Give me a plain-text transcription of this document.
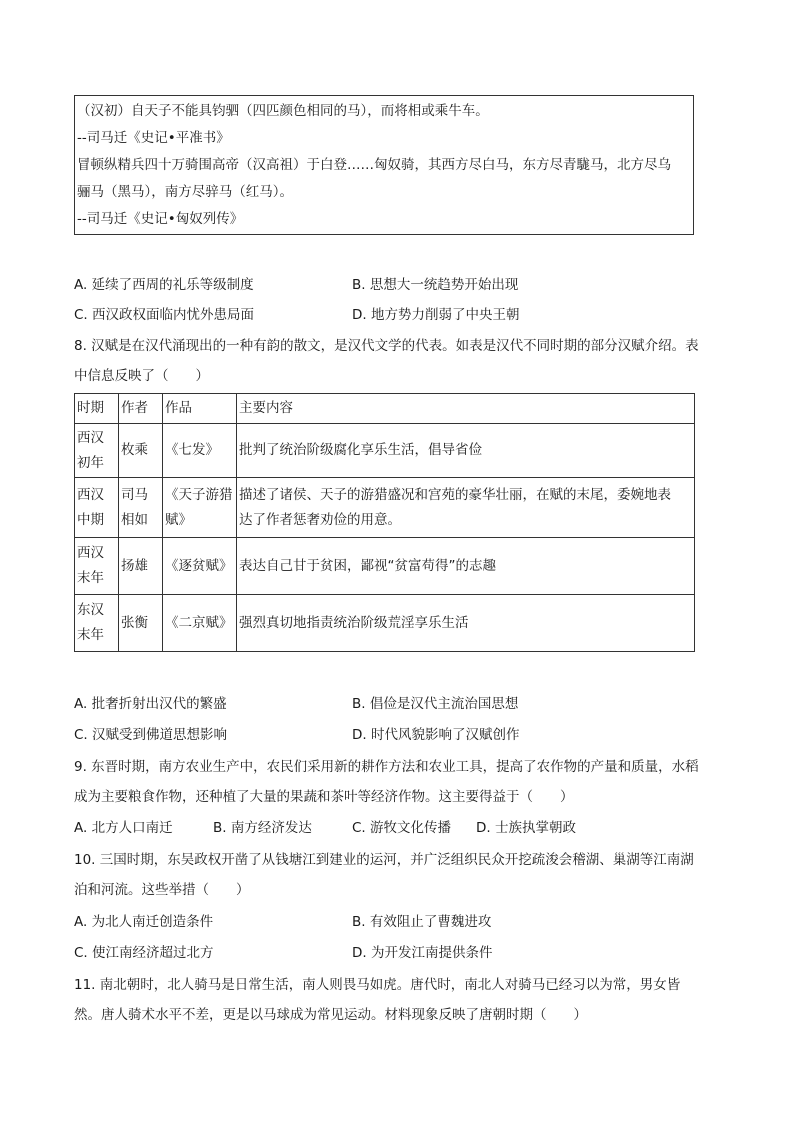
（汉初）自天子不能具钧驷（四匹颜色相同的马），而将相或乘牛车。
--司马迁《史记•平准书》
冒顿纵精兵四十万骑围高帝（汉高祖）于白登……匈奴骑，其西方尽白马，东方尽青駹马，北方尽乌
骊马（黑马），南方尽骍马（红马）。
--司马迁《史记•匈奴列传》
A. 延续了西周的礼乐等级制度	B. 思想大一统趋势开始出现
C. 西汉政权面临内忧外患局面	D. 地方势力削弱了中央王朝
8. 汉赋是在汉代涌现出的一种有韵的散文，是汉代文学的代表。如表是汉代不同时期的部分汉赋介绍。表
中信息反映了（　　）
时期	作者	作品	主要内容

西汉
初年	枚乘	《七发》	批判了统治阶级腐化享乐生活，倡导省俭

西汉
中期	司马
相如	《天子游猎
赋》	描述了诸侯、天子的游猎盛况和宫苑的豪华壮丽，在赋的末尾，委婉地表
达了作者惩奢劝俭的用意。

西汉
末年	扬雄	《逐贫赋》	表达自己甘于贫困，鄙视“贫富苟得”的志趣

东汉
末年	张衡	《二京赋》	强烈真切地指责统治阶级荒淫享乐生活
A. 批奢折射出汉代的繁盛	B. 倡俭是汉代主流治国思想
C. 汉赋受到佛道思想影响	D. 时代风貌影响了汉赋创作
9. 东晋时期，南方农业生产中，农民们采用新的耕作方法和农业工具，提高了农作物的产量和质量，水稻
成为主要粮食作物，还种植了大量的果蔬和茶叶等经济作物。这主要得益于（　　）
A. 北方人口南迁	B. 南方经济发达	C. 游牧文化传播 D. 士族执掌朝政
10. 三国时期，东吴政权开凿了从钱塘江到建业的运河，并广泛组织民众开挖疏浚会稽湖、巢湖等江南湖
泊和河流。这些举措（　　）
A. 为北人南迁创造条件	B. 有效阻止了曹魏进攻
C. 使江南经济超过北方	D. 为开发江南提供条件
11. 南北朝时，北人骑马是日常生活，南人则畏马如虎。唐代时，南北人对骑马已经习以为常，男女皆
然。唐人骑术水平不差，更是以马球成为常见运动。材料现象反映了唐朝时期（　　）
